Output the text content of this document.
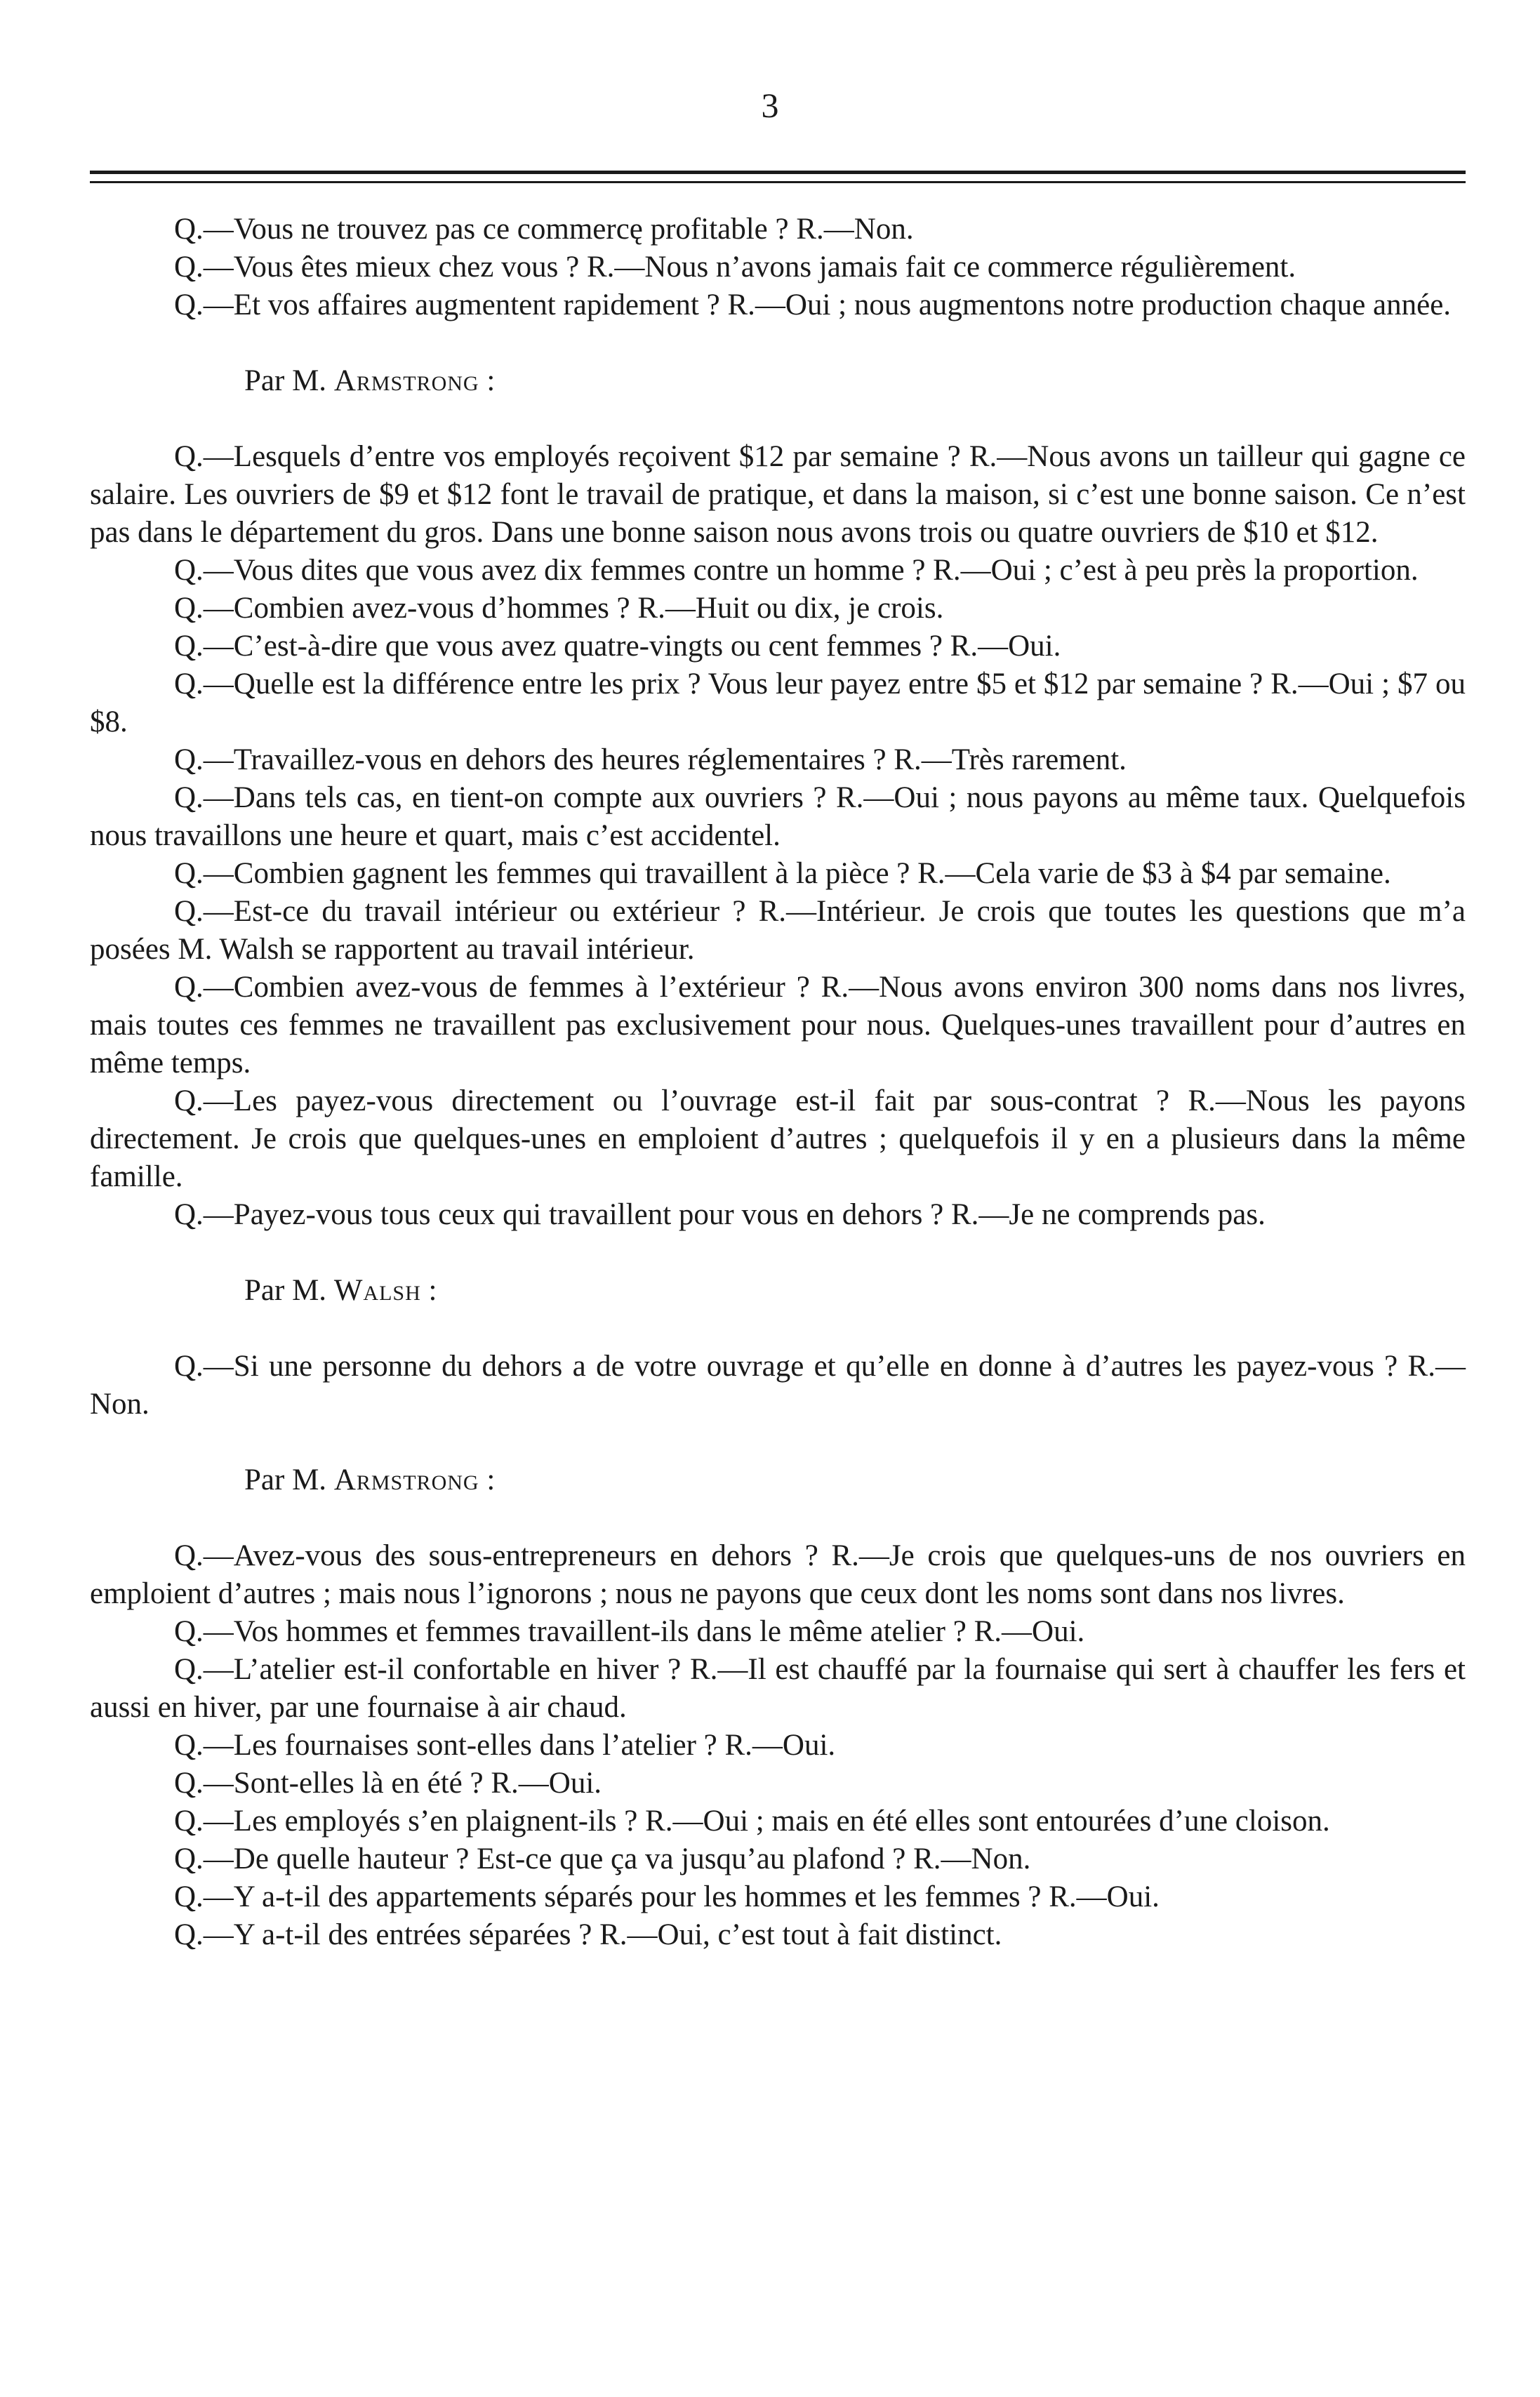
3

Q.—Vous ne trouvez pas ce commercę profitable ? R.—Non.

Q.—Vous êtes mieux chez vous ? R.—Nous n’avons jamais fait ce commerce régulièrement.

Q.—Et vos affaires augmentent rapidement ? R.—Oui ; nous augmentons notre production chaque année.

Par M. Armstrong :

Q.—Lesquels d’entre vos employés reçoivent $12 par semaine ? R.—Nous avons un tailleur qui gagne ce salaire. Les ouvriers de $9 et $12 font le travail de pratique, et dans la maison, si c’est une bonne saison. Ce n’est pas dans le département du gros. Dans une bonne saison nous avons trois ou quatre ouvriers de $10 et $12.

Q.—Vous dites que vous avez dix femmes contre un homme ? R.—Oui ; c’est à peu près la proportion.

Q.—Combien avez-vous d’hommes ? R.—Huit ou dix, je crois.

Q.—C’est-à-dire que vous avez quatre-vingts ou cent femmes ? R.—Oui.

Q.—Quelle est la différence entre les prix ? Vous leur payez entre $5 et $12 par semaine ? R.—Oui ; $7 ou $8.

Q.—Travaillez-vous en dehors des heures réglementaires ? R.—Très rarement.

Q.—Dans tels cas, en tient-on compte aux ouvriers ? R.—Oui ; nous payons au même taux. Quelquefois nous travaillons une heure et quart, mais c’est accidentel.

Q.—Combien gagnent les femmes qui travaillent à la pièce ? R.—Cela varie de $3 à $4 par semaine.

Q.—Est-ce du travail intérieur ou extérieur ? R.—Intérieur. Je crois que toutes les questions que m’a posées M. Walsh se rapportent au travail intérieur.

Q.—Combien avez-vous de femmes à l’extérieur ? R.—Nous avons environ 300 noms dans nos livres, mais toutes ces femmes ne travaillent pas exclusivement pour nous. Quelques-unes travaillent pour d’autres en même temps.

Q.—Les payez-vous directement ou l’ouvrage est-il fait par sous-contrat ? R.—Nous les payons directement. Je crois que quelques-unes en emploient d’autres ; quelquefois il y en a plusieurs dans la même famille.

Q.—Payez-vous tous ceux qui travaillent pour vous en dehors ? R.—Je ne comprends pas.

Par M. Walsh :

Q.—Si une personne du dehors a de votre ouvrage et qu’elle en donne à d’autres les payez-vous ? R.—Non.

Par M. Armstrong :

Q.—Avez-vous des sous-entrepreneurs en dehors ? R.—Je crois que quelques-uns de nos ouvriers en emploient d’autres ; mais nous l’ignorons ; nous ne payons que ceux dont les noms sont dans nos livres.

Q.—Vos hommes et femmes travaillent-ils dans le même atelier ? R.—Oui.

Q.—L’atelier est-il confortable en hiver ? R.—Il est chauffé par la fournaise qui sert à chauffer les fers et aussi en hiver, par une fournaise à air chaud.

Q.—Les fournaises sont-elles dans l’atelier ? R.—Oui.

Q.—Sont-elles là en été ? R.—Oui.

Q.—Les employés s’en plaignent-ils ? R.—Oui ; mais en été elles sont entourées d’une cloison.

Q.—De quelle hauteur ? Est-ce que ça va jusqu’au plafond ? R.—Non.

Q.—Y a-t-il des appartements séparés pour les hommes et les femmes ? R.—Oui.

Q.—Y a-t-il des entrées séparées ? R.—Oui, c’est tout à fait distinct.
